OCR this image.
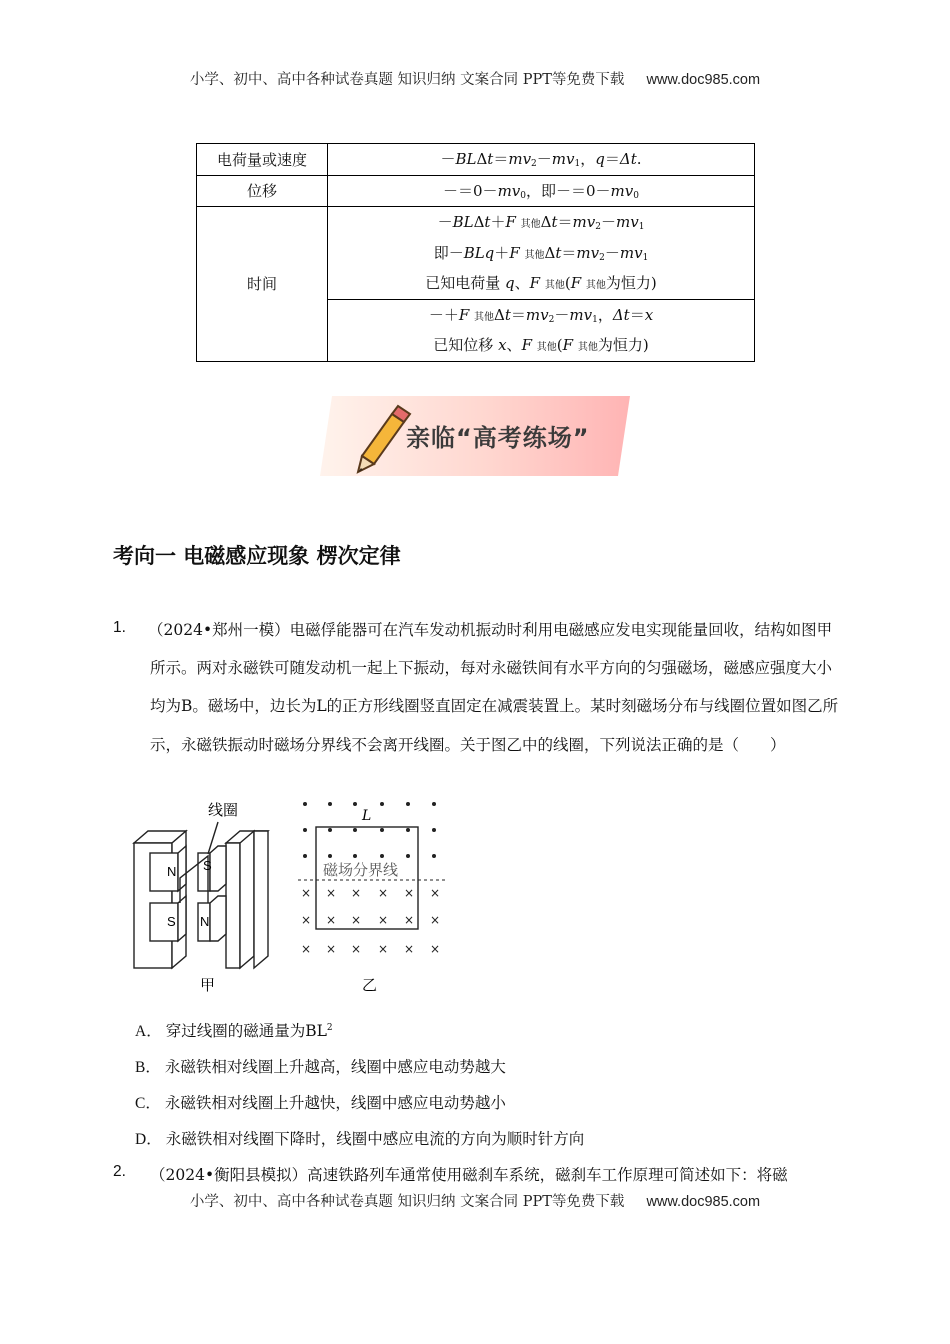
小学、初中、高中各种试卷真题 知识归纳 文案合同 PPT等免费下载 www.doc985.com
电荷量或速度	$-BL\Delta t=mv_2-mv_1$，q＝Δt.

位移	$-=0-mv_0$，即$-=0-mv_0$

时间	－BLΔt＋F 其他$\Delta t=mv_2-mv_1$
即－BLq＋F 其他$\Delta t=mv_2-mv_1$
已知电荷量 q、F 其他(F 其他为恒力)

	－＋F 其他$\Delta t=mv_2-mv_1$，Δt＝x
已知位移 x、F 其他(F 其他为恒力)
亲临“高考练场”
考向一 电磁感应现象 楞次定律
1. （2024•郑州一模）电磁俘能器可在汽车发动机振动时利用电磁感应发电实现能量回收，结构如图甲所示。两对永磁铁可随发动机一起上下振动，每对永磁铁间有水平方向的匀强磁场，磁感应强度大小均为B。磁场中，边长为L的正方形线圈竖直固定在减震装置上。某时刻磁场分布与线圈位置如图乙所示，永磁铁振动时磁场分界线不会离开线圈。关于图乙中的线圈，下列说法正确的是（　　）
N S
S N
线圈
甲
× × × × × ×
× × × × × ×
× × × × × ×
L
磁场分界线
乙
A． 穿过线圈的磁通量为$BL^2$
B． 永磁铁相对线圈上升越高，线圈中感应电动势越大
C． 永磁铁相对线圈上升越快，线圈中感应电动势越小
D． 永磁铁相对线圈下降时，线圈中感应电流的方向为顺时针方向
2. （2024•衡阳县模拟）高速铁路列车通常使用磁刹车系统，磁刹车工作原理可简述如下：将磁
小学、初中、高中各种试卷真题 知识归纳 文案合同 PPT等免费下载 www.doc985.com
